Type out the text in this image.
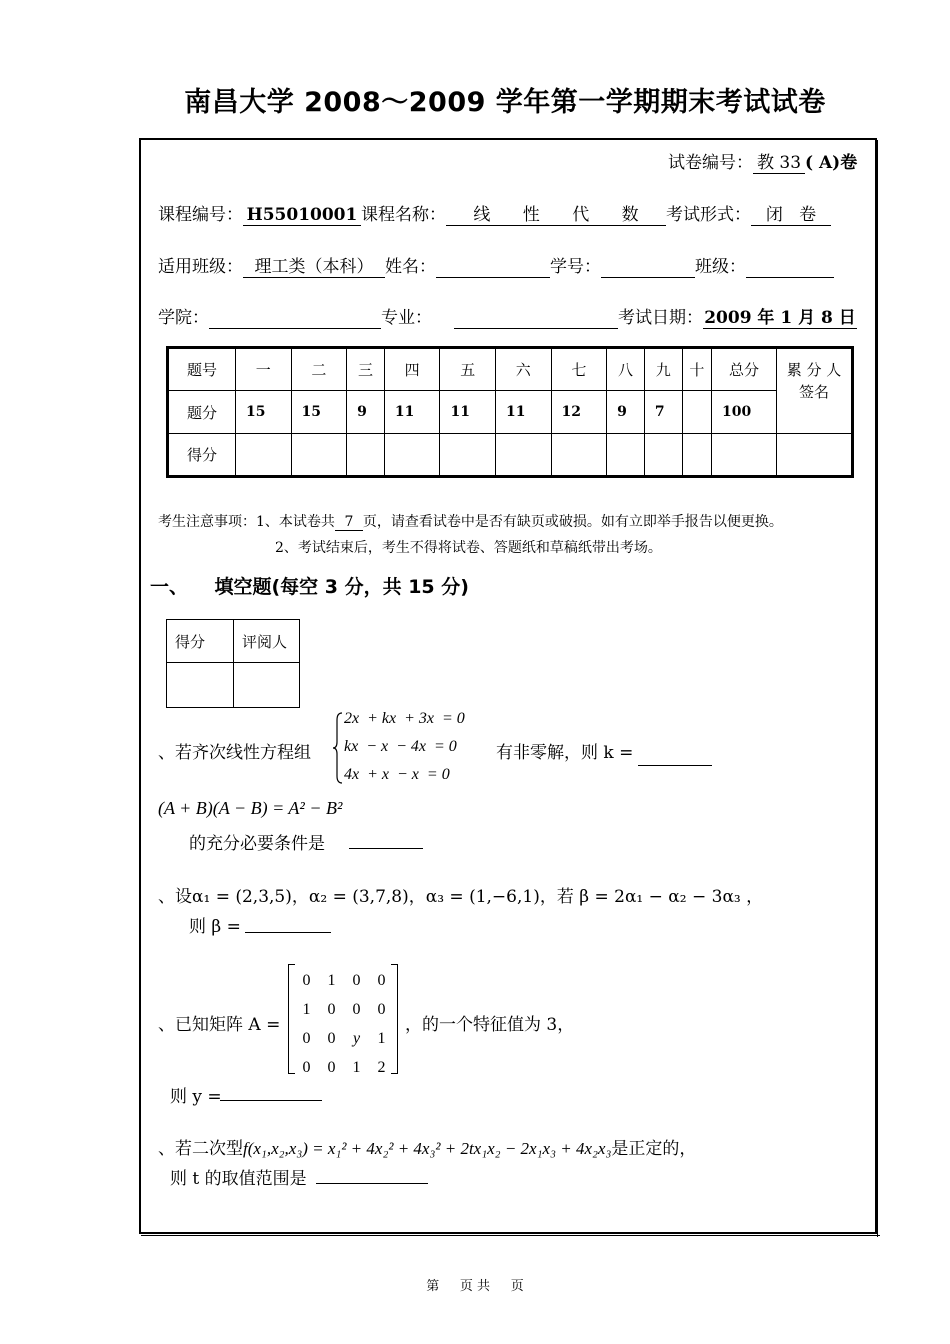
南昌大学 2008～2009 学年第一学期期末考试试卷
试卷编号： 教 33 ( A)卷
课程编号： H55010001 课程名称： 线      性      代      数 考试形式： 闭   卷
适用班级： 理工类（本科） 姓名：	学号：	班级：
学院：	专业：	考试日期：2009 年 1 月 8 日
题号	一	二	三	四	五	六	七	八	九	十	总分	累 分 人
签名

题分	15	15	9	11	11	11	12	9	7		100	
得分												
考生注意事项：1、本试卷共 7 页，请查看试卷中是否有缺页或破损。如有立即举手报告以便更换。
2、考试结束后，考生不得将试卷、答题纸和草稿纸带出考场。
一、    填空题(每空 3 分，共 15 分)
得分	评阅人

、若齐次线性方程组
2x  + kx  + 3x  = 0
kx  − x  − 4x  = 0
4x  + x  − x  = 0
有非零解，则 k =
(A + B)(A − B) = A² − B²
的充分必要条件是
、设α₁ = (2,3,5)，α₂ = (3,7,8)，α₃ = (1,−6,1)，若 β = 2α₁ − α₂ − 3α₃ ，
则 β =
、已知矩阵 A =
0	1	0	0
1	0	0	0
0	0	y	1
0	0	1	2
，的一个特征值为 3，
则 y =
、若二次型f(x₁,x₂,x₃) = x₁² + 4x₂² + 4x₃² + 2tx₁x₂ − 2x₁x₃ + 4x₂x₃是正定的，
则 t 的取值范围是
第     页 共     页
